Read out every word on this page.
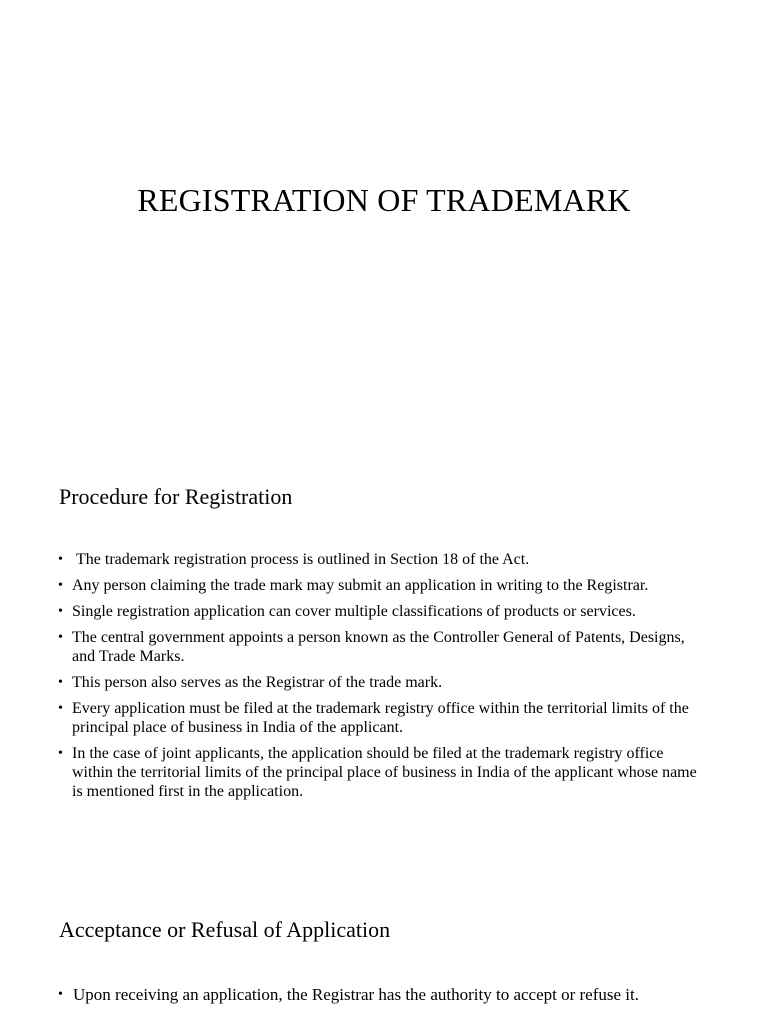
REGISTRATION OF TRADEMARK
Procedure for Registration
• The trademark registration process is outlined in Section 18 of the Act.
• Any person claiming the trade mark may submit an application in writing to the Registrar.
• Single registration application can cover multiple classifications of products or services.
• The central government appoints a person known as the Controller General of Patents, Designs, and Trade Marks.
• This person also serves as the Registrar of the trade mark.
• Every application must be filed at the trademark registry office within the territorial limits of the principal place of business in India of the applicant.
• In the case of joint applicants, the application should be filed at the trademark registry office within the territorial limits of the principal place of business in India of the applicant whose name is mentioned first in the application.
Acceptance or Refusal of Application
• Upon receiving an application, the Registrar has the authority to accept or refuse it.
